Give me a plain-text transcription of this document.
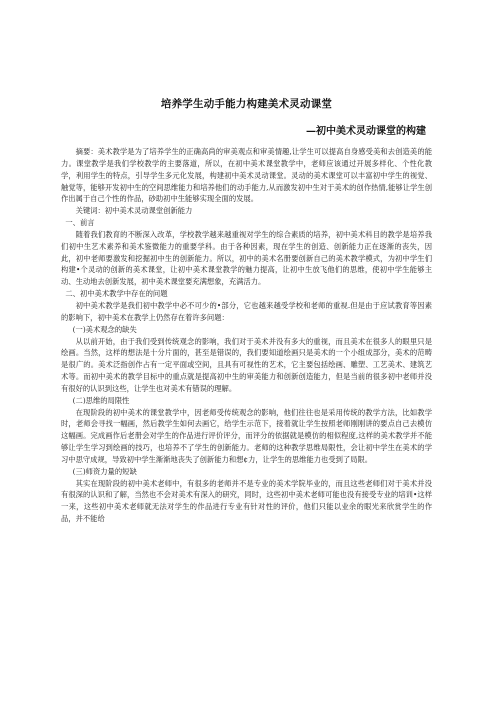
培养学生动手能力构建美术灵动课堂
—初中美术灵动课堂的构建

摘要：美术教学是为了培养学生的正确高尚的审美观点和审美情趣,让学生可以提高自身感受美和去创造美的能力。课堂教学是我们学校教学的主要落道，所以，在初中美术课堂教学中，老师应该通过开展多样化、个性化教学，利用学生的特点，引导学生多元化发展，构建初中美术灵动课堂。灵动的美术课堂可以丰富初中学生的视觉、触觉等，能够开发初中生的空间思维能力和培养他们的动手能力,从而激发初中生对于美术的创作热情,能够让学生创作出属于自己个性的作品，砂助初中生能够实现全面的发展。

关键词：初中美术灵动课堂创新能力

一、前言

随着我们教育的不断深入改革，学校教学越来越重视对学生的综合素质的培养，初中美术科目的教学是培养我们初中生艺术素养和美术鉴微能力的重要学科。由于各种因素，现在学生的创造、创新能力正在逐渐的丧失，因此，初中老师要激发和挖掘初中生的创新能力。所以，初中的美术名册要创新自己的美术教学模式，为初中学生们构建•个灵动的创新的美术课堂，让初中美术课堂教学的魅力提高，让初中生放飞他们的思维，使初中学生能够主动、生动地去创新发展，初中美术课堂要充满想象，充满活力。

二、初中美术教学中存在的问题

初中美术教学是我们初中教学中必不可少的•部分，它也越来越受学校和老师的重视.但是由于应试教育等因素的影响下，初中美术在教学上仍然存在着许多问题：

(一)美术观念的缺失

从以前开始，由于我们受到传统观念的影响，我们对于美术并没有多大的重视，而且美术在很多人的眼里只是绘画。当然，这样的想法是十分片面的，甚至是错误的，我们要知道绘画只是美术的一个小组成部分，美术的范畴是很广的。美术泛指创作占有一定平面或空间，且具有可视性的艺术，它主要包括绘画、雕塑、工艺美术、建筑艺术等。而初中美术的教学目标中的重点就是提高初中生的审美能力和创新创造能力，但是当前的很多初中老师并没有很好的认识到这些，让学生也对美术有错误的理解。

(二)思维的局限性

在现阶段的初中美术的课堂教学中，因老师受传统观念的影响，他们往往也是采用传统的教学方法，比如教学时，老师会寻找一幅画，然后教学生如何去画它，给学生示范下，接着就让学生按照老师刚刚讲的要点自己去模仿这幅画。完成画作后老册会对学生的作品进行评价评分，而评分的依据就是模仿的相似程度,这样的美术教学并不能够让学生学习到绘画的技巧，也培养不了学生的创新能力。老师的这种教学思维局限性，会让初中学生在美术的学习中思守成规，导致初中学生渐渐地丧失了创新能力和想¢力，让学生的思维能力也受到了局限。

(三)师资力量的短缺

其实在现阶段的初中美术老师中，有很多的老师并不是专业的美术学院毕业的，而且这些老师们对于美术并没有很深的认识和了解，当然也不会对美术有深入的研究，同时，这些初中美术老师可能也没有接受专业的培训•这样一来，这些初中美术老师就无法对学生的作品进行专业有针对性的评价，他们只能以业余的眼光来欣赏学生的作品，并不能给
